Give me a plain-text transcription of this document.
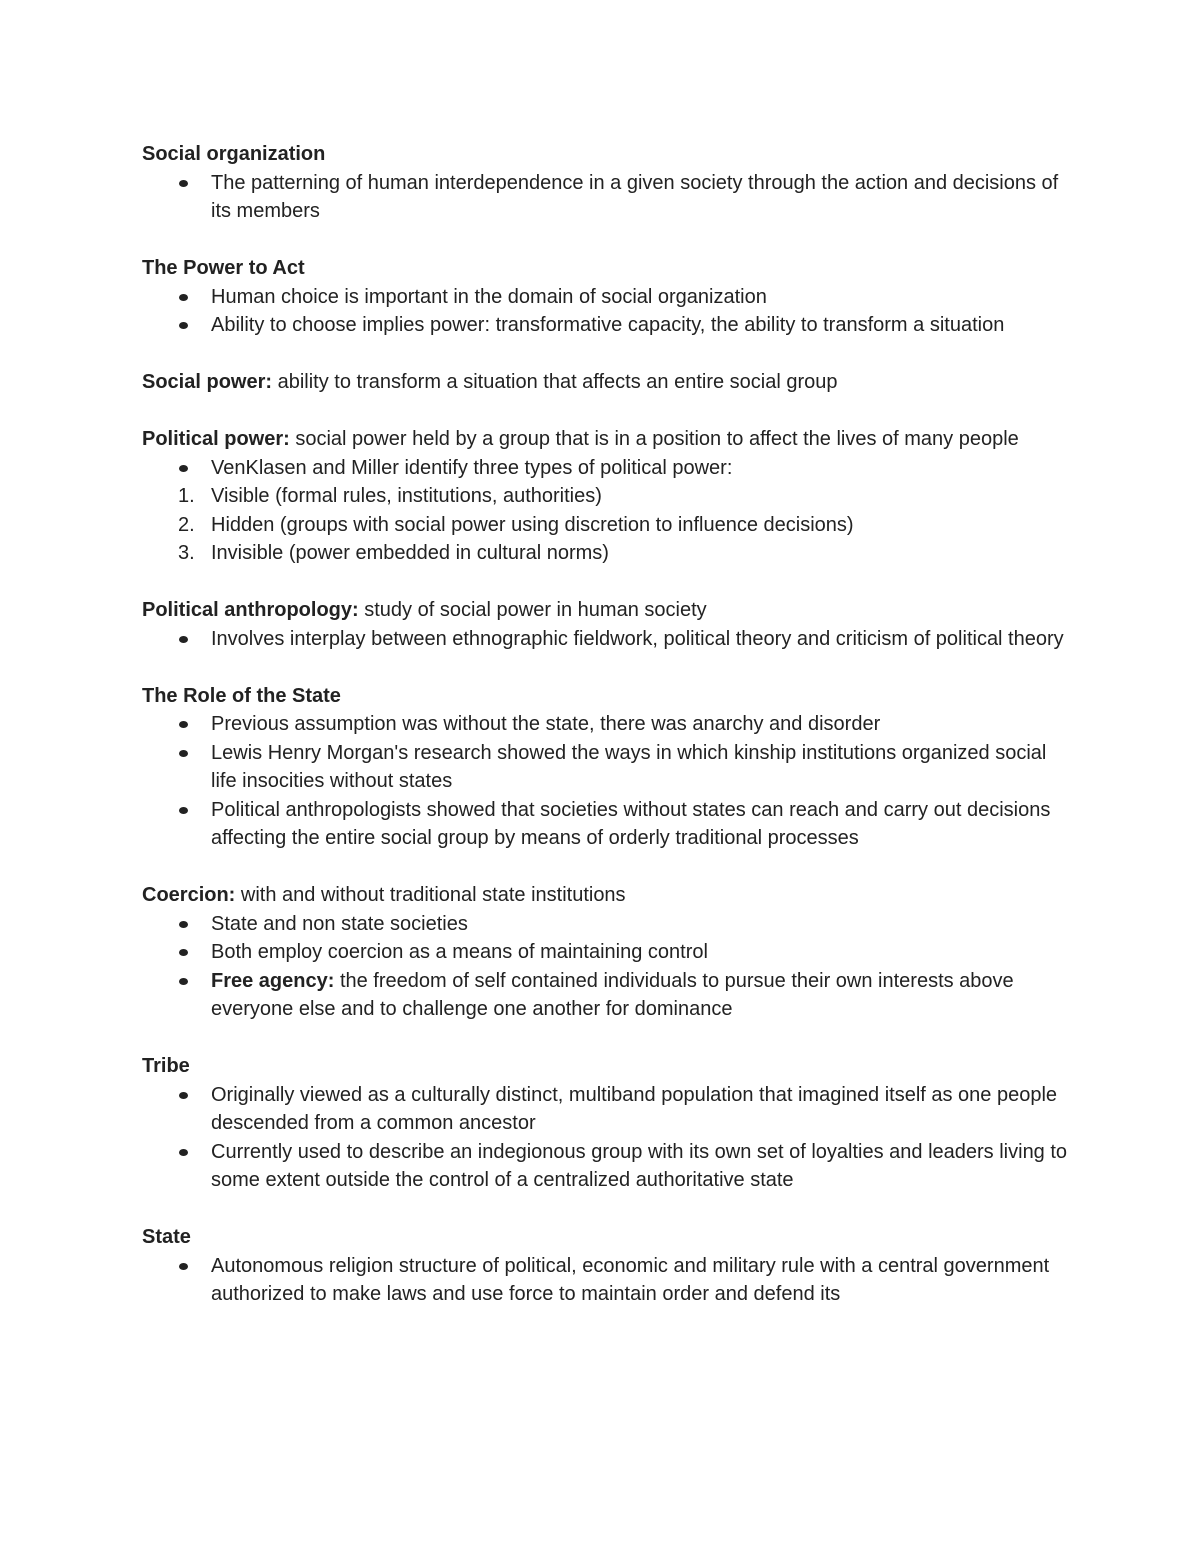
Social organization
The patterning of human interdependence in a given society through the action and decisions of its members
The Power to Act
Human choice is important in the domain of social organization
Ability to choose implies power: transformative capacity, the ability to transform a situation
Social power: ability to transform a situation that affects an entire social group
Political power: social power held by a group that is in a position to affect the lives of many people
VenKlasen and Miller identify three types of political power:
1. Visible (formal rules, institutions, authorities)
2. Hidden (groups with social power using discretion to influence decisions)
3. Invisible (power embedded in cultural norms)
Political anthropology: study of social power in human society
Involves interplay between ethnographic fieldwork, political theory and criticism of political theory
The Role of the State
Previous assumption was without the state, there was anarchy and disorder
Lewis Henry Morgan's research showed the ways in which kinship institutions organized social life insocities without states
Political anthropologists showed that societies without states can reach and carry out decisions affecting the entire social group by means of orderly traditional processes
Coercion: with and without traditional state institutions
State and non state societies
Both employ coercion as a means of maintaining control
Free agency: the freedom of self contained individuals to pursue their own interests above everyone else and to challenge one another for dominance
Tribe
Originally viewed as a culturally distinct, multiband population that imagined itself as one people descended from a common ancestor
Currently used to describe an indegionous group with its own set of loyalties and leaders living to some extent outside the control of a centralized authoritative state
State
Autonomous religion structure of political, economic and military rule with a central government authorized to make laws and use force to maintain order and defend its
